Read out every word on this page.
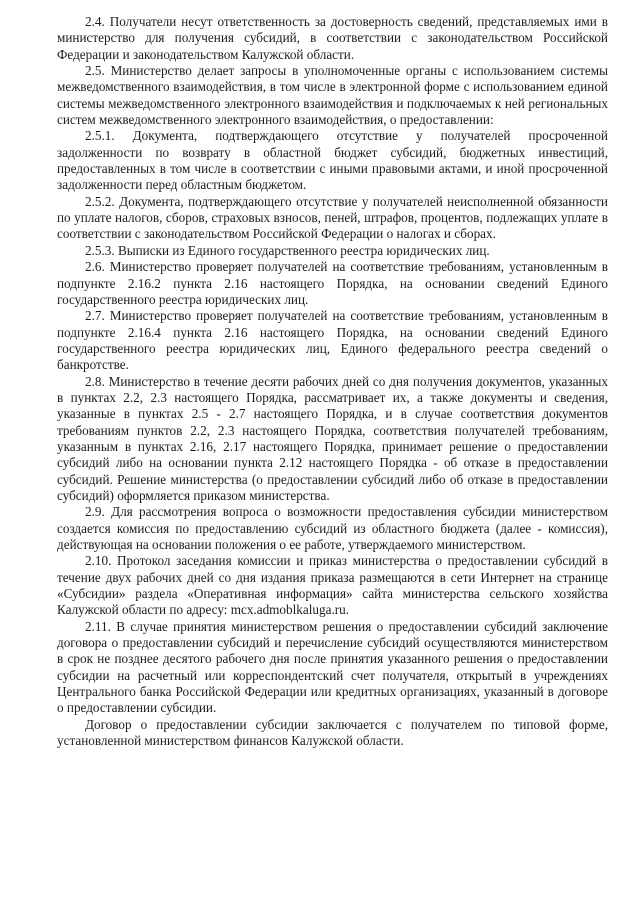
2.4. Получатели несут ответственность за достоверность сведений, представляемых ими в министерство для получения субсидий, в соответствии с законодательством Российской Федерации и законодательством Калужской области.

2.5. Министерство делает запросы в уполномоченные органы с использованием системы межведомственного взаимодействия, в том числе в электронной форме с использованием единой системы межведомственного электронного взаимодействия и подключаемых к ней региональных систем межведомственного электронного взаимодействия, о предоставлении:

2.5.1. Документа, подтверждающего отсутствие у получателей просроченной задолженности по возврату в областной бюджет субсидий, бюджетных инвестиций, предоставленных в том числе в соответствии с иными правовыми актами, и иной просроченной задолженности перед областным бюджетом.

2.5.2. Документа, подтверждающего отсутствие у получателей неисполненной обязанности по уплате налогов, сборов, страховых взносов, пеней, штрафов, процентов, подлежащих уплате в соответствии с законодательством Российской Федерации о налогах и сборах.

2.5.3. Выписки из Единого государственного реестра юридических лиц.

2.6. Министерство проверяет получателей на соответствие требованиям, установленным в подпункте 2.16.2 пункта 2.16 настоящего Порядка, на основании сведений Единого государственного реестра юридических лиц.

2.7. Министерство проверяет получателей на соответствие требованиям, установленным в подпункте 2.16.4 пункта 2.16 настоящего Порядка, на основании сведений Единого государственного реестра юридических лиц, Единого федерального реестра сведений о банкротстве.

2.8. Министерство в течение десяти рабочих дней со дня получения документов, указанных в пунктах 2.2, 2.3 настоящего Порядка, рассматривает их, а также документы и сведения, указанные в пунктах 2.5 - 2.7 настоящего Порядка, и в случае соответствия документов требованиям пунктов 2.2, 2.3 настоящего Порядка, соответствия получателей требованиям, указанным в пунктах 2.16, 2.17 настоящего Порядка, принимает решение о предоставлении субсидий либо на основании пункта 2.12 настоящего Порядка - об отказе в предоставлении субсидий. Решение министерства (о предоставлении субсидий либо об отказе в предоставлении субсидий) оформляется приказом министерства.

2.9. Для рассмотрения вопроса о возможности предоставления субсидии министерством создается комиссия по предоставлению субсидий из областного бюджета (далее - комиссия), действующая на основании положения о ее работе, утверждаемого министерством.

2.10. Протокол заседания комиссии и приказ министерства о предоставлении субсидий в течение двух рабочих дней со дня издания приказа размещаются в сети Интернет на странице «Субсидии» раздела «Оперативная информация» сайта министерства сельского хозяйства Калужской области по адресу: mcx.admoblkaluga.ru.

2.11. В случае принятия министерством решения о предоставлении субсидий заключение договора о предоставлении субсидий и перечисление субсидий осуществляются министерством в срок не позднее десятого рабочего дня после принятия указанного решения о предоставлении субсидии на расчетный или корреспондентский счет получателя, открытый в учреждениях Центрального банка Российской Федерации или кредитных организациях, указанный в договоре о предоставлении субсидии.

Договор о предоставлении субсидии заключается с получателем по типовой форме, установленной министерством финансов Калужской области.
